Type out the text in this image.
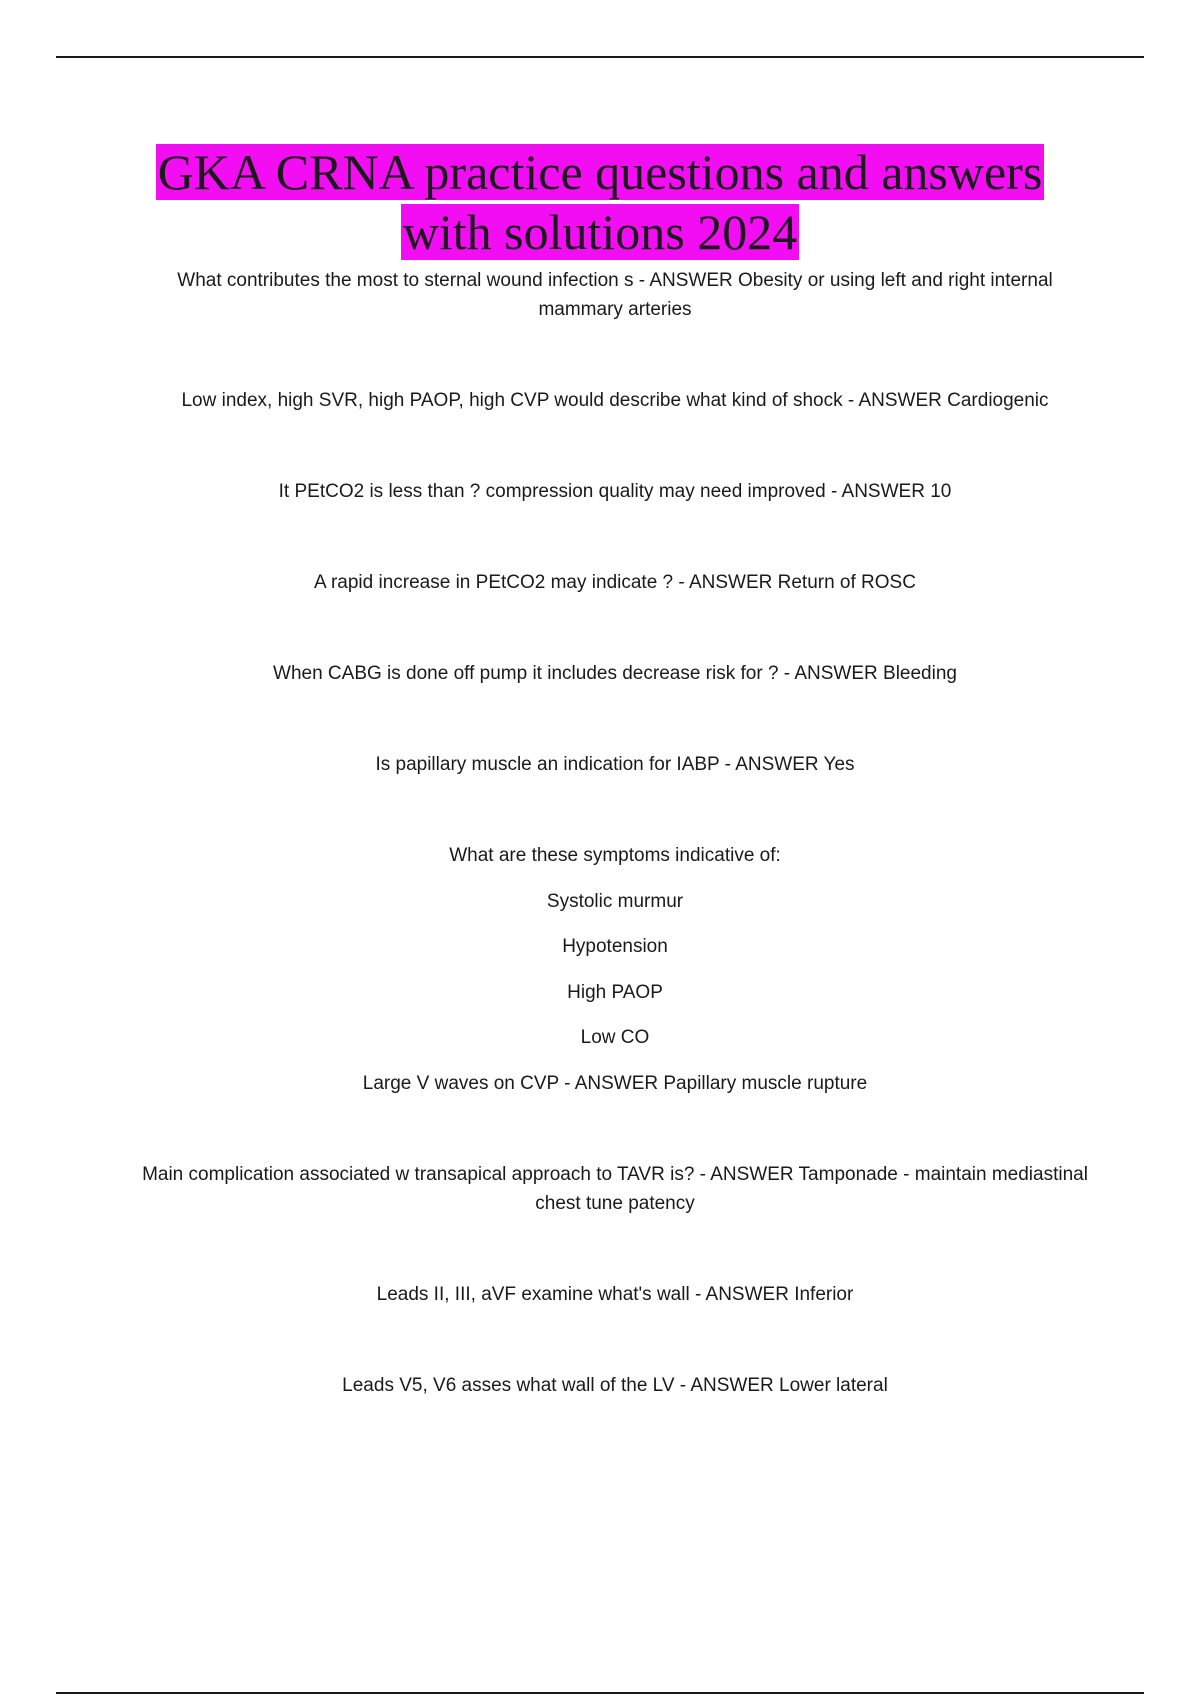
GKA CRNA practice questions and answers
with solutions 2024

What contributes the most to sternal wound infection s - ANSWER Obesity or using left and right internal mammary arteries

Low index, high SVR, high PAOP, high CVP would describe what kind of shock - ANSWER Cardiogenic

It PEtCO2 is less than ? compression quality may need improved - ANSWER 10

A rapid increase in PEtCO2 may indicate ? - ANSWER Return of ROSC

When CABG is done off pump it includes decrease risk for ? - ANSWER Bleeding

Is papillary muscle an indication for IABP - ANSWER Yes

What are these symptoms indicative of:

Systolic murmur

Hypotension

High PAOP

Low CO

Large V waves on CVP - ANSWER Papillary muscle rupture

Main complication associated w transapical approach to TAVR is? - ANSWER Tamponade - maintain mediastinal chest tune patency

Leads II, III, aVF examine what's wall - ANSWER Inferior

Leads V5, V6 asses what wall of the LV - ANSWER Lower lateral
